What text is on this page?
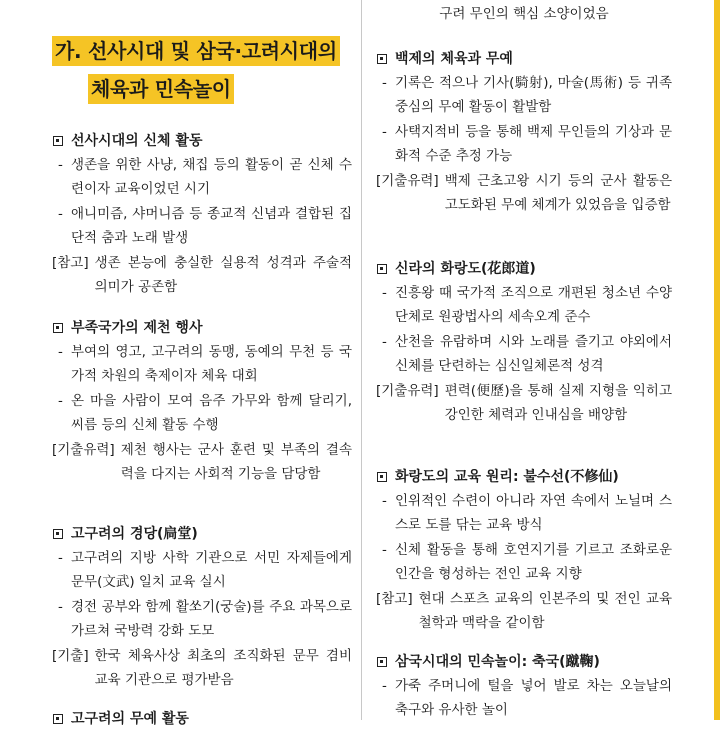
가. 선사시대 및 삼국·고려시대의
체육과 민속놀이
선사시대의 신체 활동
- 생존을 위한 사냥, 채집 등의 활동이 곧 신체 수련이자 교육이었던 시기
- 애니미즘, 샤머니즘 등 종교적 신념과 결합된 집단적 춤과 노래 발생
[참고] 생존 본능에 충실한 실용적 성격과 주술적 의미가 공존함
부족국가의 제천 행사
- 부여의 영고, 고구려의 동맹, 동예의 무천 등 국가적 차원의 축제이자 체육 대회
- 온 마을 사람이 모여 음주 가무와 함께 달리기, 씨름 등의 신체 활동 수행
[기출유력] 제천 행사는 군사 훈련 및 부족의 결속력을 다지는 사회적 기능을 담당함
고구려의 경당(扃堂)
- 고구려의 지방 사학 기관으로 서민 자제들에게 문무(文武) 일치 교육 실시
- 경전 공부와 함께 활쏘기(궁술)를 주요 과목으로 가르쳐 국방력 강화 도모
[기출] 한국 체육사상 최초의 조직화된 문무 겸비 교육 기관으로 평가받음
고구려의 무예 활동
구려 무인의 핵심 소양이었음
백제의 체육과 무예
- 기록은 적으나 기사(騎射), 마술(馬術) 등 귀족 중심의 무예 활동이 활발함
- 사택지적비 등을 통해 백제 무인들의 기상과 문화적 수준 추정 가능
[기출유력] 백제 근초고왕 시기 등의 군사 활동은 고도화된 무예 체계가 있었음을 입증함
신라의 화랑도(花郎道)
- 진흥왕 때 국가적 조직으로 개편된 청소년 수양 단체로 원광법사의 세속오계 준수
- 산천을 유람하며 시와 노래를 즐기고 야외에서 신체를 단련하는 심신일체론적 성격
[기출유력] 편력(便歷)을 통해 실제 지형을 익히고 강인한 체력과 인내심을 배양함
화랑도의 교육 원리: 불수선(不修仙)
- 인위적인 수련이 아니라 자연 속에서 노닐며 스스로 도를 닦는 교육 방식
- 신체 활동을 통해 호연지기를 기르고 조화로운 인간을 형성하는 전인 교육 지향
[참고] 현대 스포츠 교육의 인본주의 및 전인 교육 철학과 맥락을 같이함
삼국시대의 민속놀이: 축국(蹴鞠)
- 가죽 주머니에 털을 넣어 발로 차는 오늘날의 축구와 유사한 놀이
